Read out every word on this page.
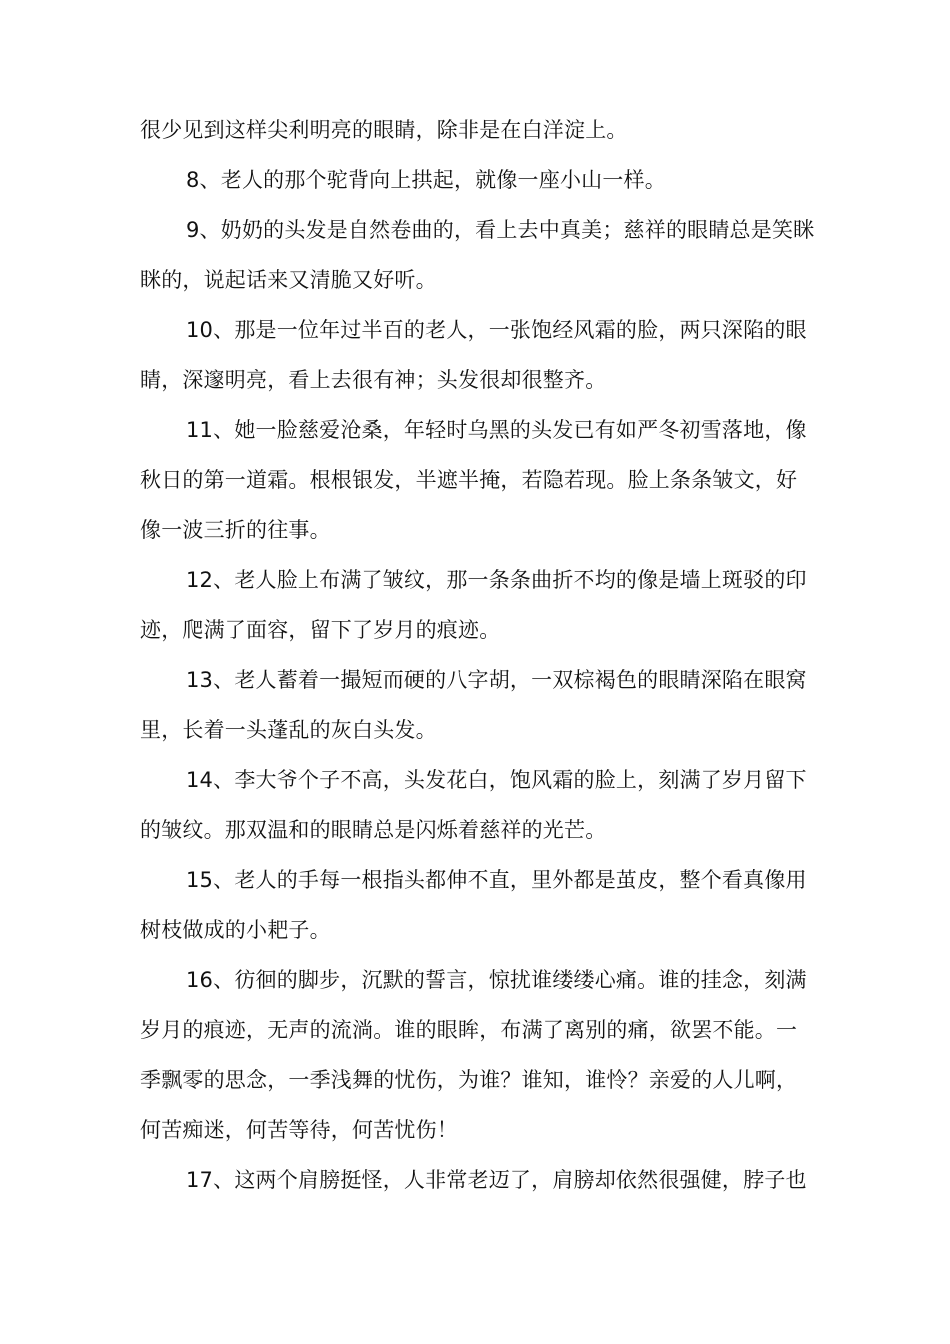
很少见到这样尖利明亮的眼睛，除非是在白洋淀上。
8、老人的那个驼背向上拱起，就像一座小山一样。
9、奶奶的头发是自然卷曲的，看上去中真美；慈祥的眼睛总是笑眯
眯的，说起话来又清脆又好听。
10、那是一位年过半百的老人，一张饱经风霜的脸，两只深陷的眼
睛，深邃明亮，看上去很有神；头发很却很整齐。
11、她一脸慈爱沧桑，年轻时乌黑的头发已有如严冬初雪落地，像
秋日的第一道霜。根根银发，半遮半掩，若隐若现。脸上条条皱文，好
像一波三折的往事。
12、老人脸上布满了皱纹，那一条条曲折不均的像是墙上斑驳的印
迹，爬满了面容，留下了岁月的痕迹。
13、老人蓄着一撮短而硬的八字胡，一双棕褐色的眼睛深陷在眼窝
里，长着一头蓬乱的灰白头发。
14、李大爷个子不高，头发花白，饱风霜的脸上，刻满了岁月留下
的皱纹。那双温和的眼睛总是闪烁着慈祥的光芒。
15、老人的手每一根指头都伸不直，里外都是茧皮，整个看真像用
树枝做成的小耙子。
16、彷徊的脚步，沉默的誓言，惊扰谁缕缕心痛。谁的挂念，刻满
岁月的痕迹，无声的流淌。谁的眼眸，布满了离别的痛，欲罢不能。一
季飘零的思念，一季浅舞的忧伤，为谁？谁知，谁怜？亲爱的人儿啊，
何苦痴迷，何苦等待，何苦忧伤！
17、这两个肩膀挺怪，人非常老迈了，肩膀却依然很强健，脖子也
